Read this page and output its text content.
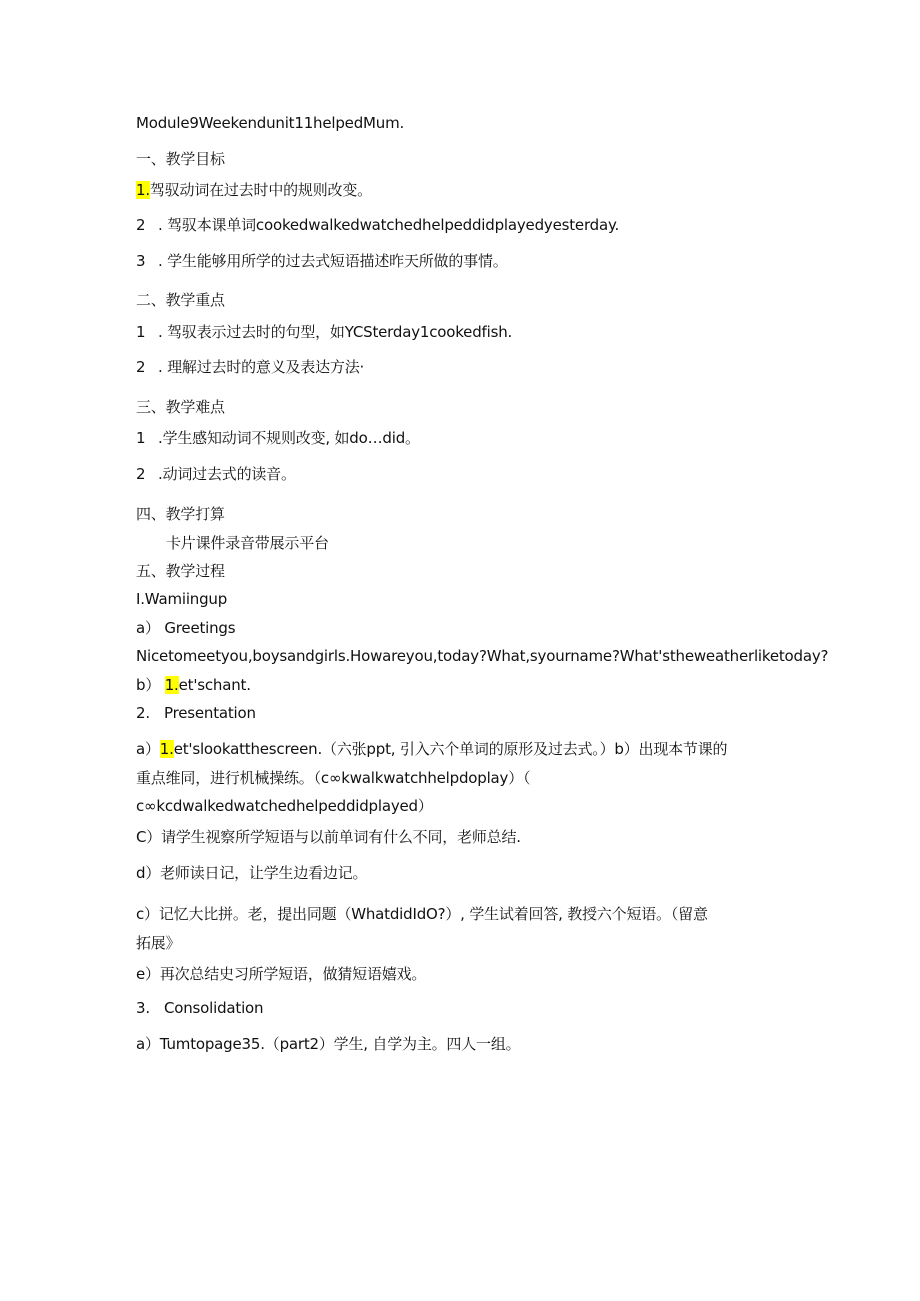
Module9Weekendunit11helpedMum.
一、教学目标
1.驾驭动词在过去时中的规则改变。
2 . 驾驭本课单词cookedwalkedwatchedhelpeddidplayedyesterday.
3 . 学生能够用所学的过去式短语描述昨天所做的事情。
二、教学重点
1 . 驾驭表示过去时的句型，如YCSterday1cookedfish.
2 . 理解过去时的意义及表达方法·
三、教学难点
1 .学生感知动词不规则改变, 如do…did。
2 .动词过去式的读音。
四、教学打算
卡片课件录音带展示平台
五、教学过程
I.Wamiingup
a） Greetings
Nicetomeetyou,boysandgirls.Howareyou,today?What,syourname?What'stheweatherliketoday?
b） 1.et'schant.
2. Presentation
a）1.et'slookatthescreen.（六张ppt, 引入六个单词的原形及过去式。）b）出现本节课的
重点维同，进行机械操练。（c∞kwalkwatchhelpdoplay）（
c∞kcdwalkedwatchedhelpeddidplayed）
C）请学生视察所学短语与以前单词有什么不同，老师总结.
d）老师读日记，让学生边看边记。
c）记忆大比拼。老，提出同题（WhatdidIdO?）, 学生试着回答, 教授六个短语。（留意
拓展》
e）再次总结史习所学短语，做猜短语嬉戏。
3. Consolidation
a）Tumtopage35.（part2）学生, 自学为主。四人一组。
